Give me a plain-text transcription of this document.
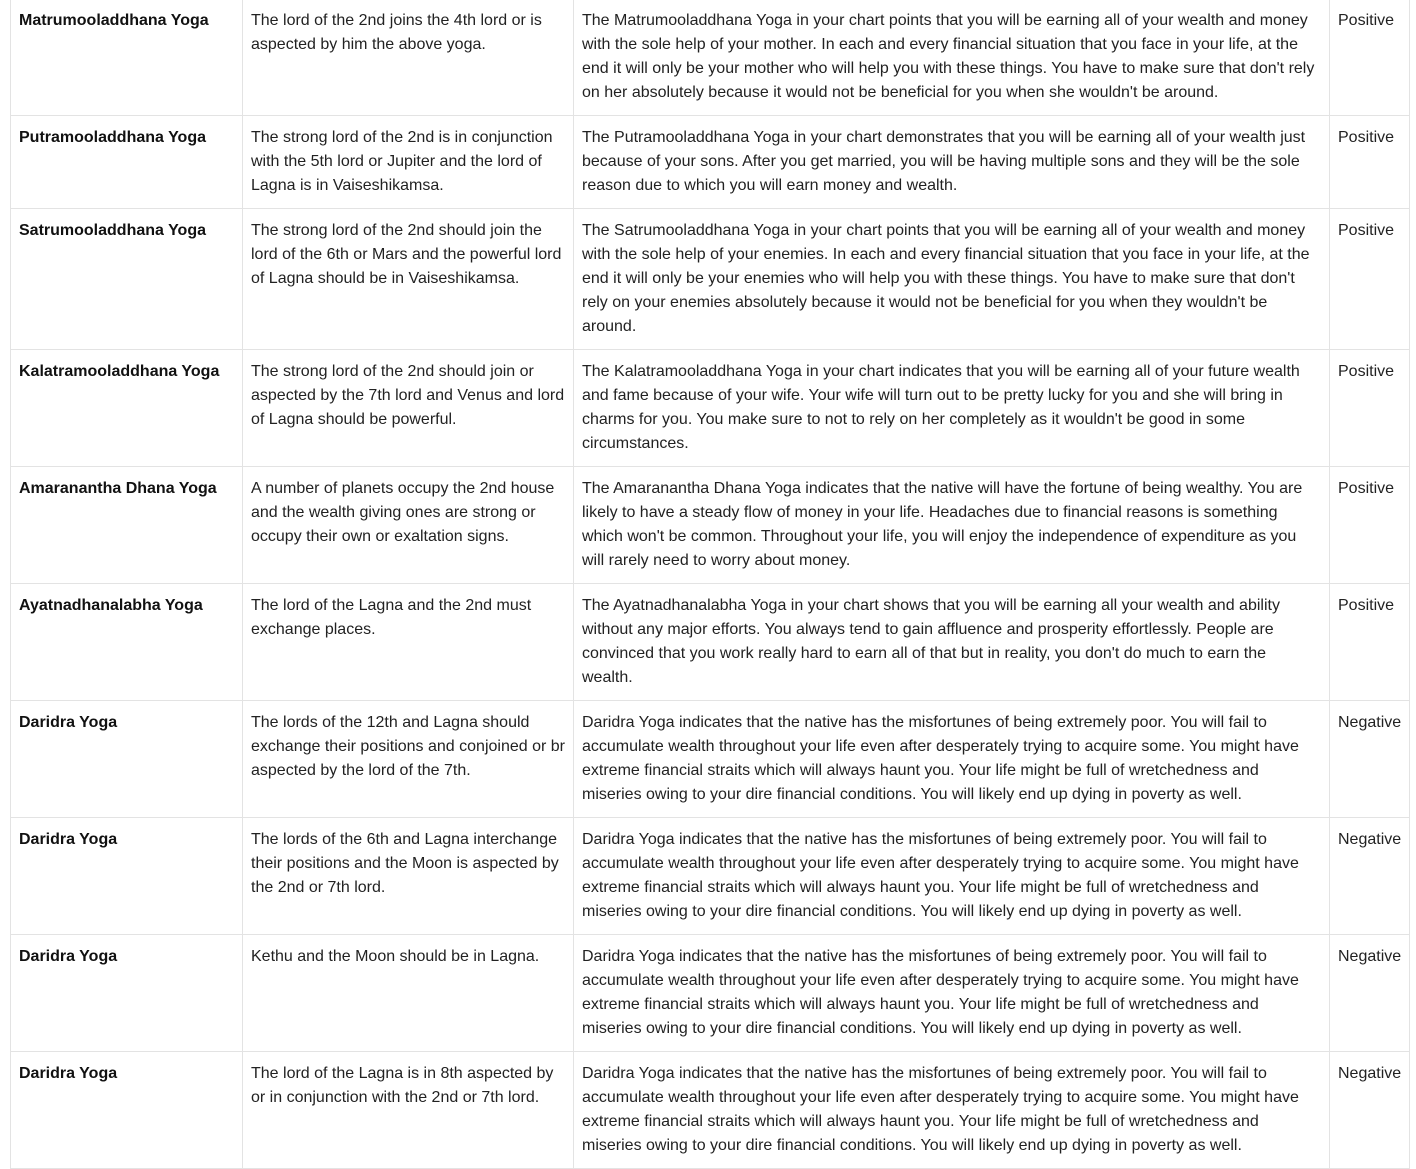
Matrumooladdhana Yoga	The lord of the 2nd joins the 4th lord or is aspected by him the above yoga.	The Matrumooladdhana Yoga in your chart points that you will be earning all of your wealth and money with the sole help of your mother. In each and every financial situation that you face in your life, at the end it will only be your mother who will help you with these things. You have to make sure that don't rely on her absolutely because it would not be beneficial for you when she wouldn't be around.	Positive
Putramooladdhana Yoga	The strong lord of the 2nd is in conjunction with the 5th lord or Jupiter and the lord of Lagna is in Vaiseshikamsa.	The Putramooladdhana Yoga in your chart demonstrates that you will be earning all of your wealth just because of your sons. After you get married, you will be having multiple sons and they will be the sole reason due to which you will earn money and wealth.	Positive
Satrumooladdhana Yoga	The strong lord of the 2nd should join the lord of the 6th or Mars and the powerful lord of Lagna should be in Vaiseshikamsa.	The Satrumooladdhana Yoga in your chart points that you will be earning all of your wealth and money with the sole help of your enemies. In each and every financial situation that you face in your life, at the end it will only be your enemies who will help you with these things. You have to make sure that don't rely on your enemies absolutely because it would not be beneficial for you when they wouldn't be around.	Positive
Kalatramooladdhana Yoga	The strong lord of the 2nd should join or aspected by the 7th lord and Venus and lord of Lagna should be powerful.	The Kalatramooladdhana Yoga in your chart indicates that you will be earning all of your future wealth and fame because of your wife. Your wife will turn out to be pretty lucky for you and she will bring in charms for you. You make sure to not to rely on her completely as it wouldn't be good in some circumstances.	Positive
Amaranantha Dhana Yoga	A number of planets occupy the 2nd house and the wealth giving ones are strong or occupy their own or exaltation signs.	The Amaranantha Dhana Yoga indicates that the native will have the fortune of being wealthy. You are likely to have a steady flow of money in your life. Headaches due to financial reasons is something which won't be common. Throughout your life, you will enjoy the independence of expenditure as you will rarely need to worry about money.	Positive
Ayatnadhanalabha Yoga	The lord of the Lagna and the 2nd must exchange places.	The Ayatnadhanalabha Yoga in your chart shows that you will be earning all your wealth and ability without any major efforts. You always tend to gain affluence and prosperity effortlessly. People are convinced that you work really hard to earn all of that but in reality, you don't do much to earn the wealth.	Positive
Daridra Yoga	The lords of the 12th and Lagna should exchange their positions and conjoined or br aspected by the lord of the 7th.	Daridra Yoga indicates that the native has the misfortunes of being extremely poor. You will fail to accumulate wealth throughout your life even after desperately trying to acquire some. You might have extreme financial straits which will always haunt you. Your life might be full of wretchedness and miseries owing to your dire financial conditions. You will likely end up dying in poverty as well.	Negative
Daridra Yoga	The lords of the 6th and Lagna interchange their positions and the Moon is aspected by the 2nd or 7th lord.	Daridra Yoga indicates that the native has the misfortunes of being extremely poor. You will fail to accumulate wealth throughout your life even after desperately trying to acquire some. You might have extreme financial straits which will always haunt you. Your life might be full of wretchedness and miseries owing to your dire financial conditions. You will likely end up dying in poverty as well.	Negative
Daridra Yoga	Kethu and the Moon should be in Lagna.	Daridra Yoga indicates that the native has the misfortunes of being extremely poor. You will fail to accumulate wealth throughout your life even after desperately trying to acquire some. You might have extreme financial straits which will always haunt you. Your life might be full of wretchedness and miseries owing to your dire financial conditions. You will likely end up dying in poverty as well.	Negative
Daridra Yoga	The lord of the Lagna is in 8th aspected by or in conjunction with the 2nd or 7th lord.	Daridra Yoga indicates that the native has the misfortunes of being extremely poor. You will fail to accumulate wealth throughout your life even after desperately trying to acquire some. You might have extreme financial straits which will always haunt you. Your life might be full of wretchedness and miseries owing to your dire financial conditions. You will likely end up dying in poverty as well.	Negative
